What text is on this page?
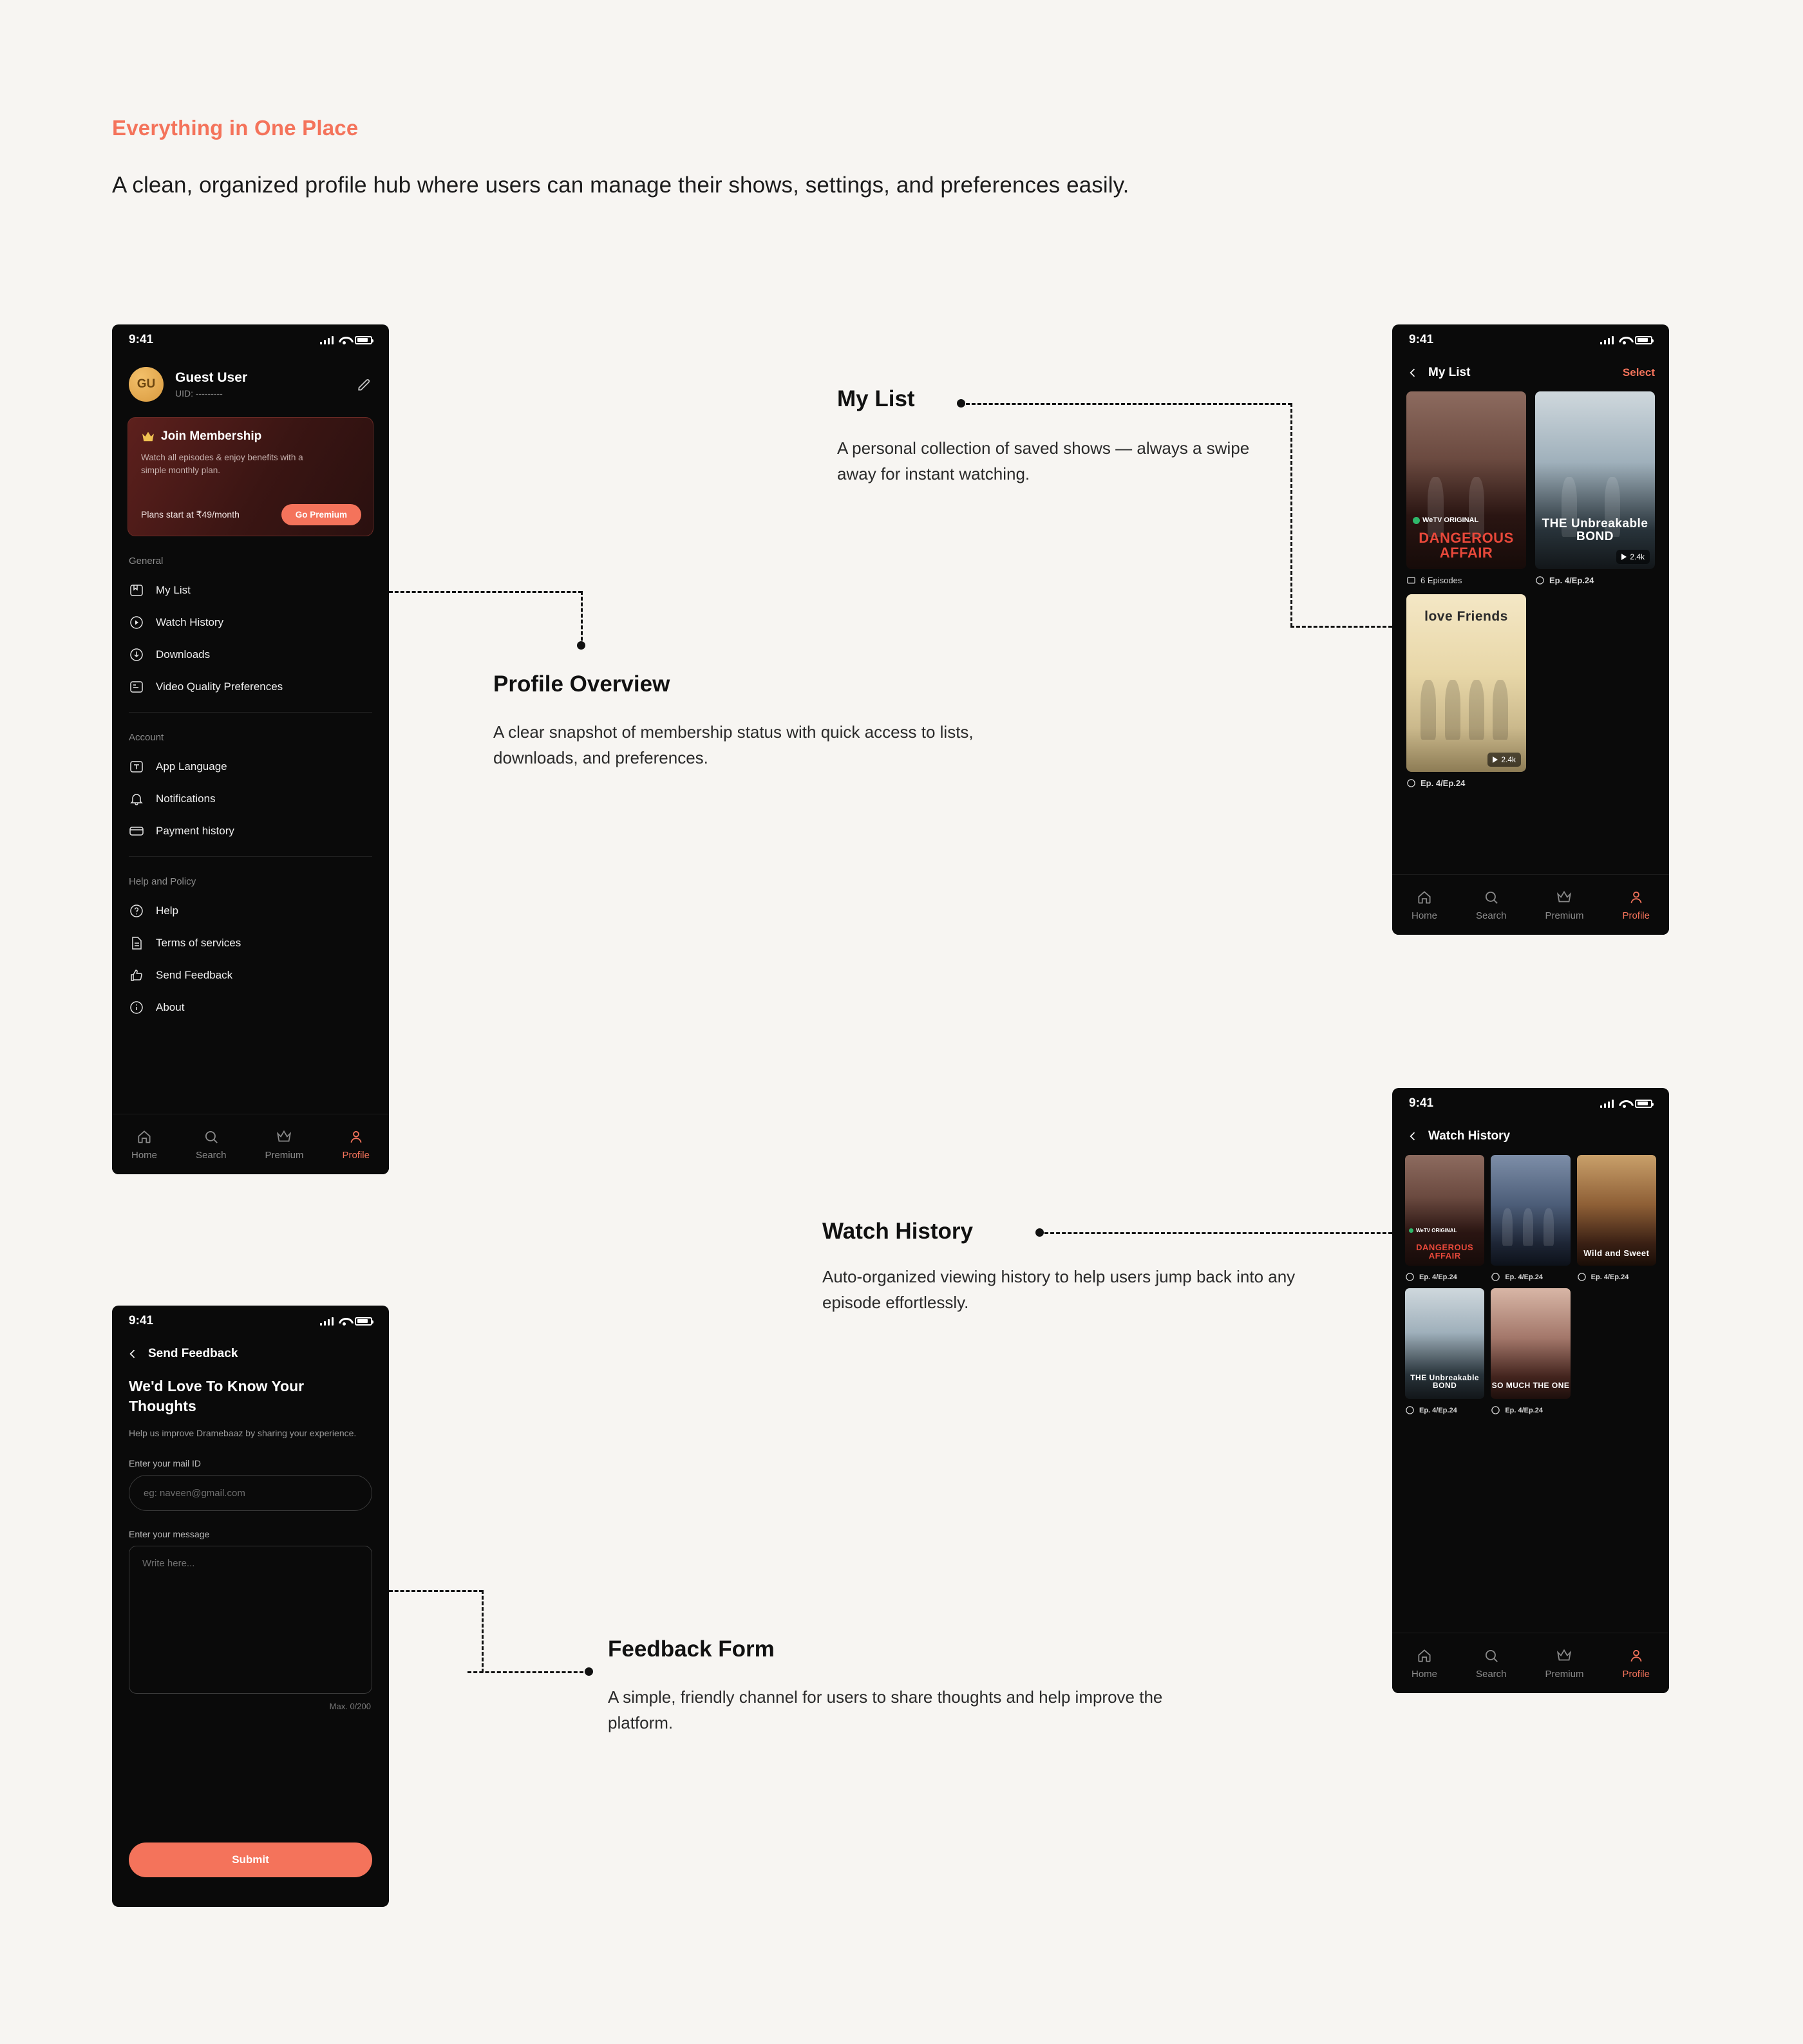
Everything in One Place
A clean, organized profile hub where users can manage their shows, settings, and preferences easily.
9:41
GU	Guest User
UID: ---------
Join Membership
Watch all episodes & enjoy benefits with a simple monthly plan.
Plans start at ₹49/month	Go Premium
General
My List
Watch History
Downloads
Video Quality Preferences
Account
App Language
Notifications
Payment history
Help and Policy
Help
Terms of services
Send Feedback
About
Home	Search	Premium	Profile
9:41
My List	Select
WeTV ORIGINAL
DANGEROUS AFFAIR
6 Episodes
THE Unbreakable BOND
2.4k
Ep. 4/Ep.24
love Friends
2.4k
Ep. 4/Ep.24
Home	Search	Premium	Profile
9:41
Watch History
WeTV ORIGINAL
DANGEROUS AFFAIR
Ep. 4/Ep.24	Ep. 4/Ep.24
Wild and Sweet
Ep. 4/Ep.24
THE Unbreakable BOND
Ep. 4/Ep.24
SO MUCH THE ONE
Ep. 4/Ep.24
Home	Search	Premium	Profile
9:41
Send Feedback
We'd Love To Know Your Thoughts
Help us improve Dramebaaz by sharing your experience.
Enter your mail ID
eg: naveen@gmail.com
Enter your message
Write here...
Max. 0/200
Submit
My List
A personal collection of saved shows — always a swipe away for instant watching.
Profile Overview
A clear snapshot of membership status with quick access to lists, downloads, and preferences.
Watch History
Auto-organized viewing history to help users jump back into any episode effortlessly.
Feedback Form
A simple, friendly channel for users to share thoughts and help improve the platform.
